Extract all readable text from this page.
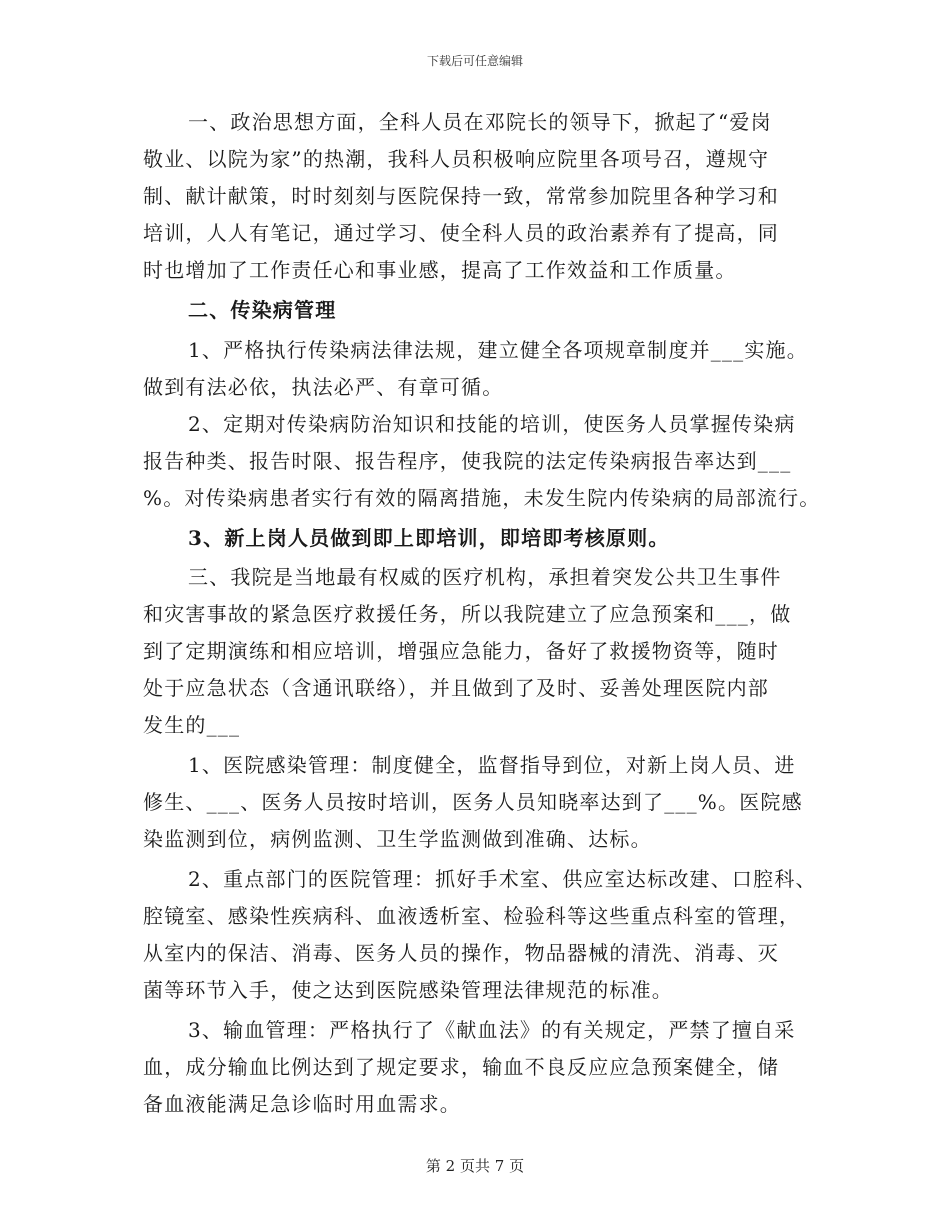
下载后可任意编辑
一、政治思想方面，全科人员在邓院长的领导下，掀起了“爱岗
敬业、以院为家”的热潮，我科人员积极响应院里各项号召，遵规守
制、献计献策，时时刻刻与医院保持一致，常常参加院里各种学习和
培训，人人有笔记，通过学习、使全科人员的政治素养有了提高，同
时也增加了工作责任心和事业感，提高了工作效益和工作质量。
二、传染病管理
1、严格执行传染病法律法规，建立健全各项规章制度并___实施。
做到有法必依，执法必严、有章可循。
2、定期对传染病防治知识和技能的培训，使医务人员掌握传染病
报告种类、报告时限、报告程序，使我院的法定传染病报告率达到___
%。对传染病患者实行有效的隔离措施，未发生院内传染病的局部流行。
3、新上岗人员做到即上即培训，即培即考核原则。
三、我院是当地最有权威的医疗机构，承担着突发公共卫生事件
和灾害事故的紧急医疗救援任务，所以我院建立了应急预案和___，做
到了定期演练和相应培训，增强应急能力，备好了救援物资等，随时
处于应急状态（含通讯联络），并且做到了及时、妥善处理医院内部
发生的___
1、医院感染管理：制度健全，监督指导到位，对新上岗人员、进
修生、___、医务人员按时培训，医务人员知晓率达到了___%。医院感
染监测到位，病例监测、卫生学监测做到准确、达标。
2、重点部门的医院管理：抓好手术室、供应室达标改建、口腔科、
腔镜室、感染性疾病科、血液透析室、检验科等这些重点科室的管理，
从室内的保洁、消毒、医务人员的操作，物品器械的清洗、消毒、灭
菌等环节入手，使之达到医院感染管理法律规范的标准。
3、输血管理：严格执行了《献血法》的有关规定，严禁了擅自采
血，成分输血比例达到了规定要求，输血不良反应应急预案健全，储
备血液能满足急诊临时用血需求。
第 2 页共 7 页
